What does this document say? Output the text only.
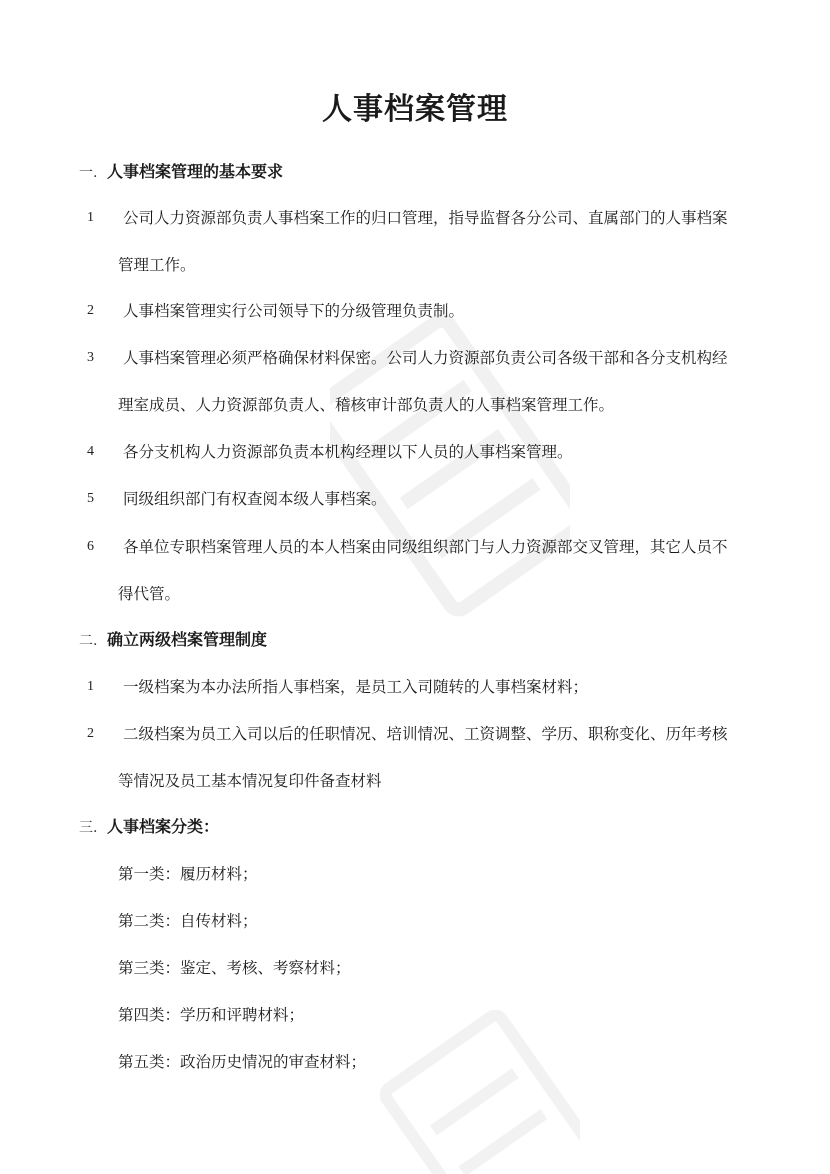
人事档案管理
一. 人事档案管理的基本要求
1	公司人力资源部负责人事档案工作的归口管理，指导监督各分公司、直属部门的人事档案
管理工作。
2	人事档案管理实行公司领导下的分级管理负责制。
3	人事档案管理必须严格确保材料保密。公司人力资源部负责公司各级干部和各分支机构经
理室成员、人力资源部负责人、稽核审计部负责人的人事档案管理工作。
4	各分支机构人力资源部负责本机构经理以下人员的人事档案管理。
5	同级组织部门有权查阅本级人事档案。
6	各单位专职档案管理人员的本人档案由同级组织部门与人力资源部交叉管理，其它人员不
得代管。
二. 确立两级档案管理制度
1	一级档案为本办法所指人事档案，是员工入司随转的人事档案材料；
2	二级档案为员工入司以后的任职情况、培训情况、工资调整、学历、职称变化、历年考核
等情况及员工基本情况复印件备查材料
三. 人事档案分类：
第一类：履历材料；
第二类：自传材料；
第三类：鉴定、考核、考察材料；
第四类：学历和评聘材料；
第五类：政治历史情况的审查材料；
